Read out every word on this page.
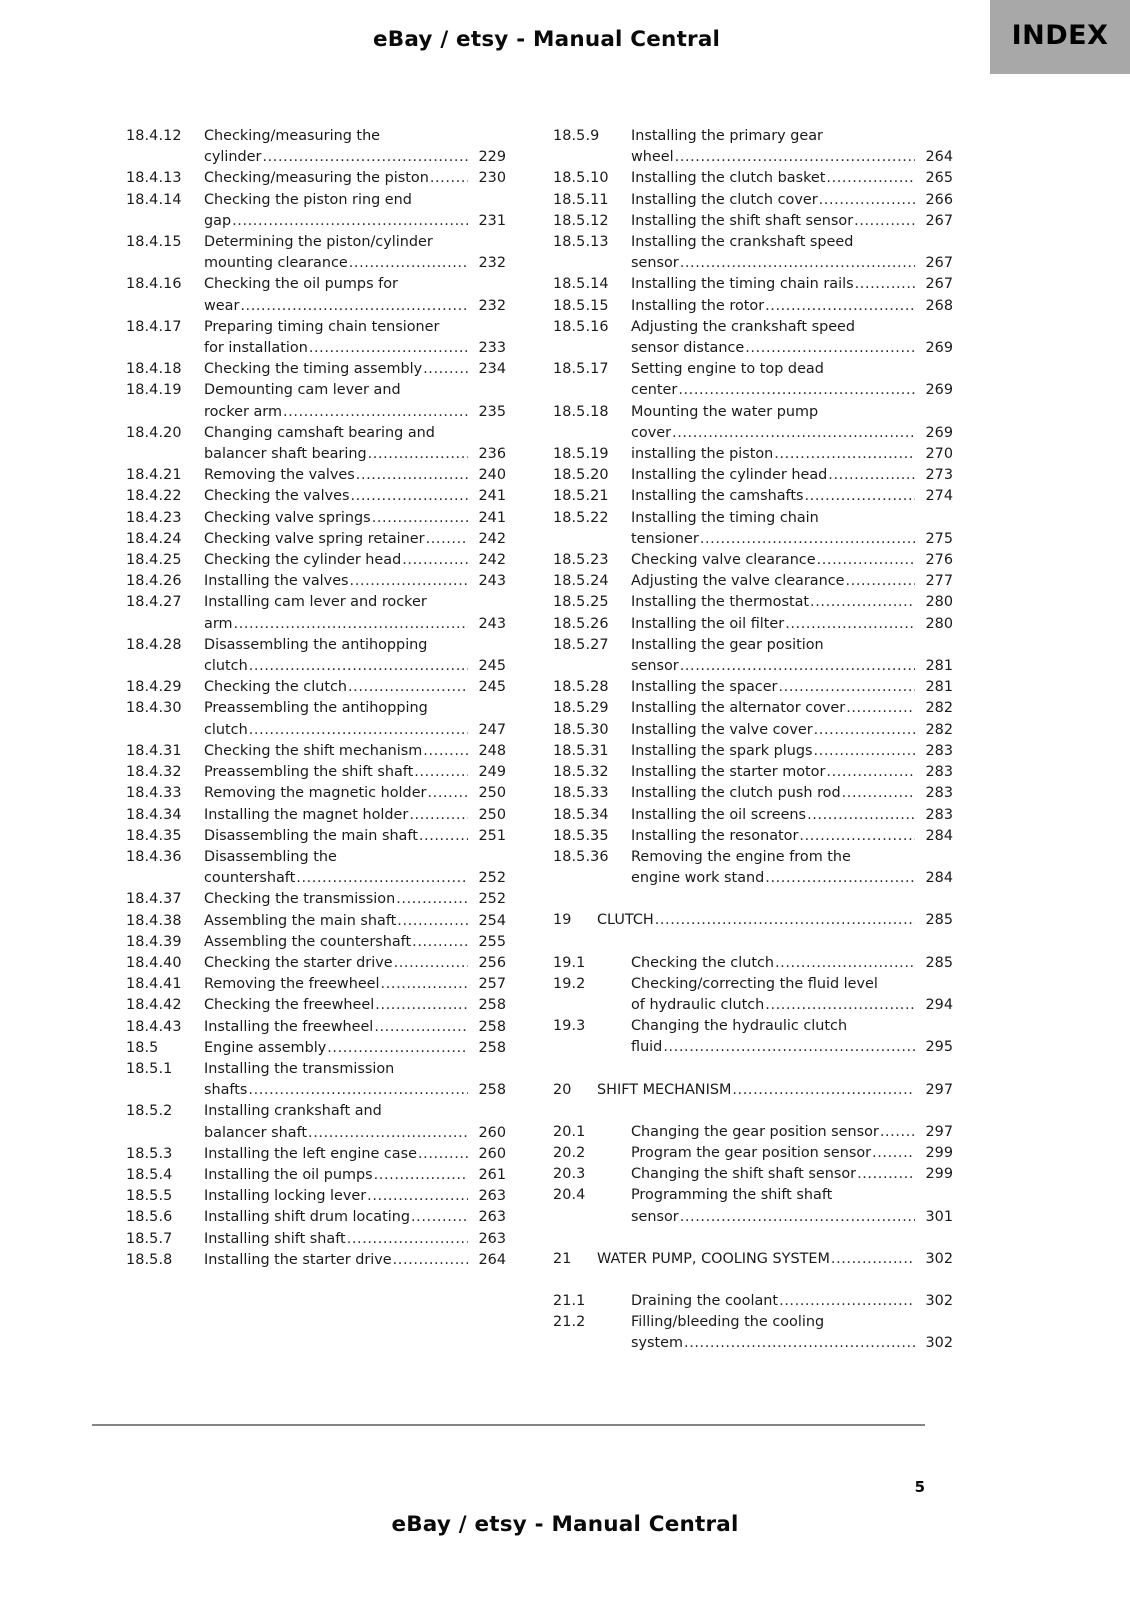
eBay / etsy - Manual Central	INDEX
18.4.12	Checking/measuring the
cylinder .....	229
18.4.13	Checking/measuring the piston .....	230
18.4.14	Checking the piston ring end
gap .....	231
18.4.15	Determining the piston/cylinder
mounting clearance .....	232
18.4.16	Checking the oil pumps for
wear .....	232
18.4.17	Preparing timing chain tensioner
for installation .....	233
18.4.18	Checking the timing assembly .....	234
18.4.19	Demounting cam lever and
rocker arm .....	235
18.4.20	Changing camshaft bearing and
balancer shaft bearing .....	236
18.4.21	Removing the valves .....	240
18.4.22	Checking the valves .....	241
18.4.23	Checking valve springs .....	241
18.4.24	Checking valve spring retainer .....	242
18.4.25	Checking the cylinder head .....	242
18.4.26	Installing the valves .....	243
18.4.27	Installing cam lever and rocker
arm .....	243
18.4.28	Disassembling the antihopping
clutch .....	245
18.4.29	Checking the clutch .....	245
18.4.30	Preassembling the antihopping
clutch .....	247
18.4.31	Checking the shift mechanism .....	248
18.4.32	Preassembling the shift shaft .....	249
18.4.33	Removing the magnetic holder .....	250
18.4.34	Installing the magnet holder .....	250
18.4.35	Disassembling the main shaft .....	251
18.4.36	Disassembling the
countershaft .....	252
18.4.37	Checking the transmission .....	252
18.4.38	Assembling the main shaft .....	254
18.4.39	Assembling the countershaft .....	255
18.4.40	Checking the starter drive .....	256
18.4.41	Removing the freewheel .....	257
18.4.42	Checking the freewheel .....	258
18.4.43	Installing the freewheel .....	258
18.5	Engine assembly .....	258
18.5.1	Installing the transmission
shafts .....	258
18.5.2	Installing crankshaft and
balancer shaft .....	260
18.5.3	Installing the left engine case .....	260
18.5.4	Installing the oil pumps .....	261
18.5.5	Installing locking lever .....	263
18.5.6	Installing shift drum locating .....	263
18.5.7	Installing shift shaft .....	263
18.5.8	Installing the starter drive .....	264
18.5.9	Installing the primary gear
wheel .....	264
18.5.10	Installing the clutch basket .....	265
18.5.11	Installing the clutch cover .....	266
18.5.12	Installing the shift shaft sensor .....	267
18.5.13	Installing the crankshaft speed
sensor .....	267
18.5.14	Installing the timing chain rails .....	267
18.5.15	Installing the rotor .....	268
18.5.16	Adjusting the crankshaft speed
sensor distance .....	269
18.5.17	Setting engine to top dead
center .....	269
18.5.18	Mounting the water pump
cover .....	269
18.5.19	installing the piston .....	270
18.5.20	Installing the cylinder head .....	273
18.5.21	Installing the camshafts .....	274
18.5.22	Installing the timing chain
tensioner .....	275
18.5.23	Checking valve clearance .....	276
18.5.24	Adjusting the valve clearance .....	277
18.5.25	Installing the thermostat .....	280
18.5.26	Installing the oil filter .....	280
18.5.27	Installing the gear position
sensor .....	281
18.5.28	Installing the spacer .....	281
18.5.29	Installing the alternator cover .....	282
18.5.30	Installing the valve cover .....	282
18.5.31	Installing the spark plugs .....	283
18.5.32	Installing the starter motor .....	283
18.5.33	Installing the clutch push rod .....	283
18.5.34	Installing the oil screens .....	283
18.5.35	Installing the resonator .....	284
18.5.36	Removing the engine from the
engine work stand .....	284
19	CLUTCH .....	285
19.1	Checking the clutch .....	285
19.2	Checking/correcting the fluid level
of hydraulic clutch .....	294
19.3	Changing the hydraulic clutch
fluid .....	295
20	SHIFT MECHANISM .....	297
20.1	Changing the gear position sensor .....	297
20.2	Program the gear position sensor .....	299
20.3	Changing the shift shaft sensor .....	299
20.4	Programming the shift shaft
sensor .....	301
21	WATER PUMP, COOLING SYSTEM .....	302
21.1	Draining the coolant .....	302
21.2	Filling/bleeding the cooling
system .....	302
5
eBay / etsy - Manual Central
